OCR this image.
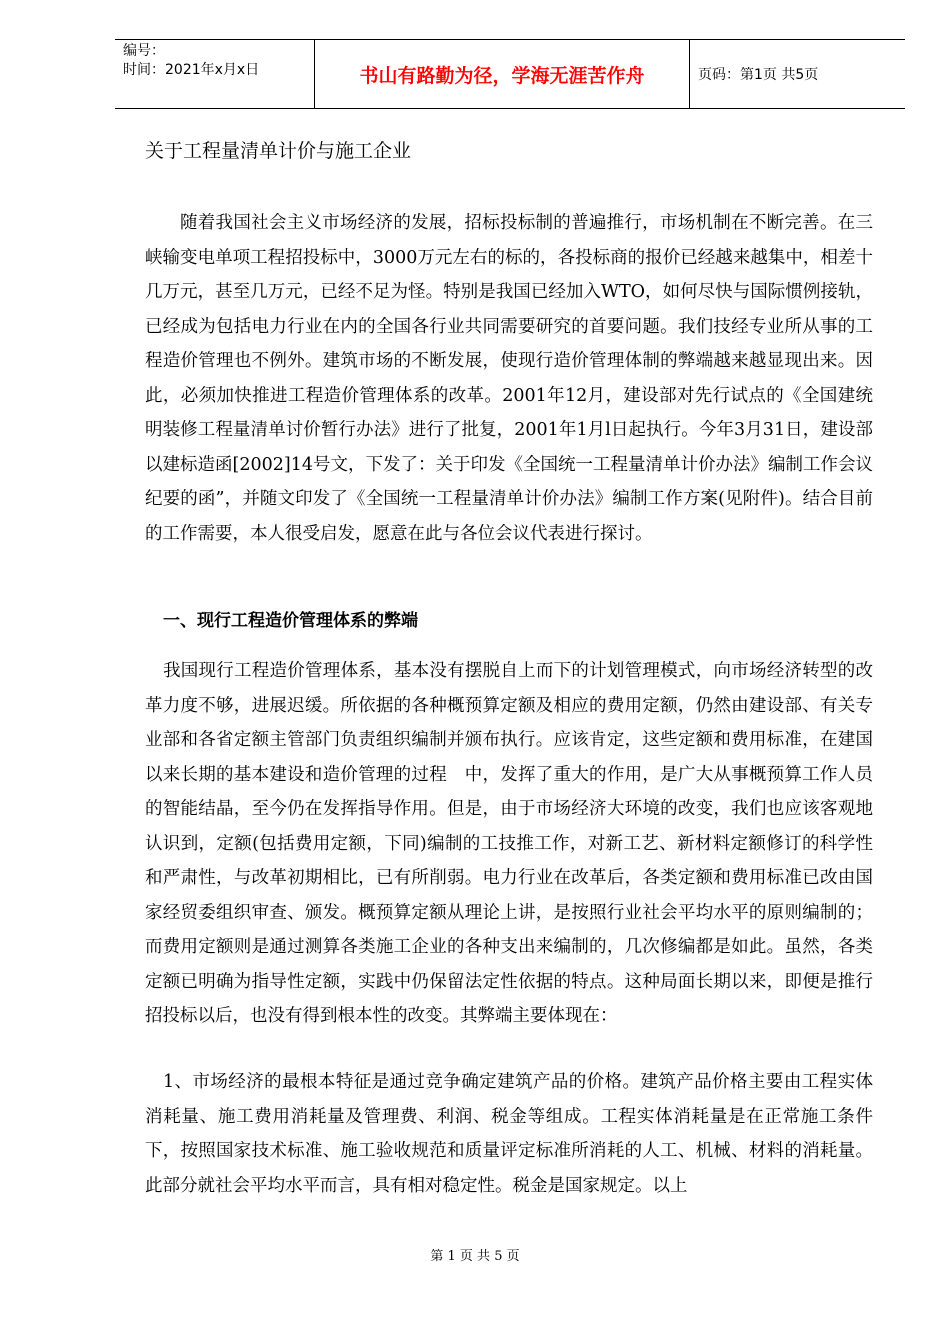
编号：
时间：2021年x月x日	书山有路勤为径，学海无涯苦作舟	页码：第1页 共5页
关于工程量清单计价与施工企业

随着我国社会主义市场经济的发展，招标投标制的普遍推行，市场机制在不断完善。在三峡输变电单项工程招投标中，3000万元左右的标的，各投标商的报价已经越来越集中，相差十几万元，甚至几万元，已经不足为怪。特别是我国已经加入WTO，如何尽快与国际惯例接轨，已经成为包括电力行业在内的全国各行业共同需要研究的首要问题。我们技经专业所从事的工程造价管理也不例外。建筑市场的不断发展，使现行造价管理体制的弊端越来越显现出来。因此，必须加快推进工程造价管理体系的改革。2001年12月，建设部对先行试点的《全国建统明装修工程量清单讨价暂行办法》进行了批复，2001年1月l日起执行。今年3月31日，建设部以建标造函[2002]14号文，下发了：关于印发《全国统一工程量清单计价办法》编制工作会议纪要的函”，并随文印发了《全国统一工程量清单计价办法》编制工作方案(见附件)。结合目前的工作需要，本人很受启发，愿意在此与各位会议代表进行探讨。

一、现行工程造价管理体系的弊端

我国现行工程造价管理体系，基本没有摆脱自上而下的计划管理模式，向市场经济转型的改革力度不够，进展迟缓。所依据的各种概预算定额及相应的费用定额，仍然由建设部、有关专业部和各省定额主管部门负责组织编制并颁布执行。应该肯定，这些定额和费用标准，在建国以来长期的基本建设和造价管理的过程　中，发挥了重大的作用，是广大从事概预算工作人员的智能结晶，至今仍在发挥指导作用。但是，由于市场经济大环境的改变，我们也应该客观地认识到，定额(包括费用定额，下同)编制的工技推工作，对新工艺、新材料定额修订的科学性和严肃性，与改革初期相比，已有所削弱。电力行业在改革后，各类定额和费用标准已改由国家经贸委组织审查、颁发。概预算定额从理论上讲，是按照行业社会平均水平的原则编制的；而费用定额则是通过测算各类施工企业的各种支出来编制的，几次修编都是如此。虽然，各类定额已明确为指导性定额，实践中仍保留法定性依据的特点。这种局面长期以来，即便是推行招投标以后，也没有得到根本性的改变。其弊端主要体现在：

1、市场经济的最根本特征是通过竞争确定建筑产品的价格。建筑产品价格主要由工程实体消耗量、施工费用消耗量及管理费、利润、税金等组成。工程实体消耗量是在正常施工条件下，按照国家技术标准、施工验收规范和质量评定标准所消耗的人工、机械、材料的消耗量。此部分就社会平均水平而言，具有相对稳定性。税金是国家规定。以上

第 1 页 共 5 页
